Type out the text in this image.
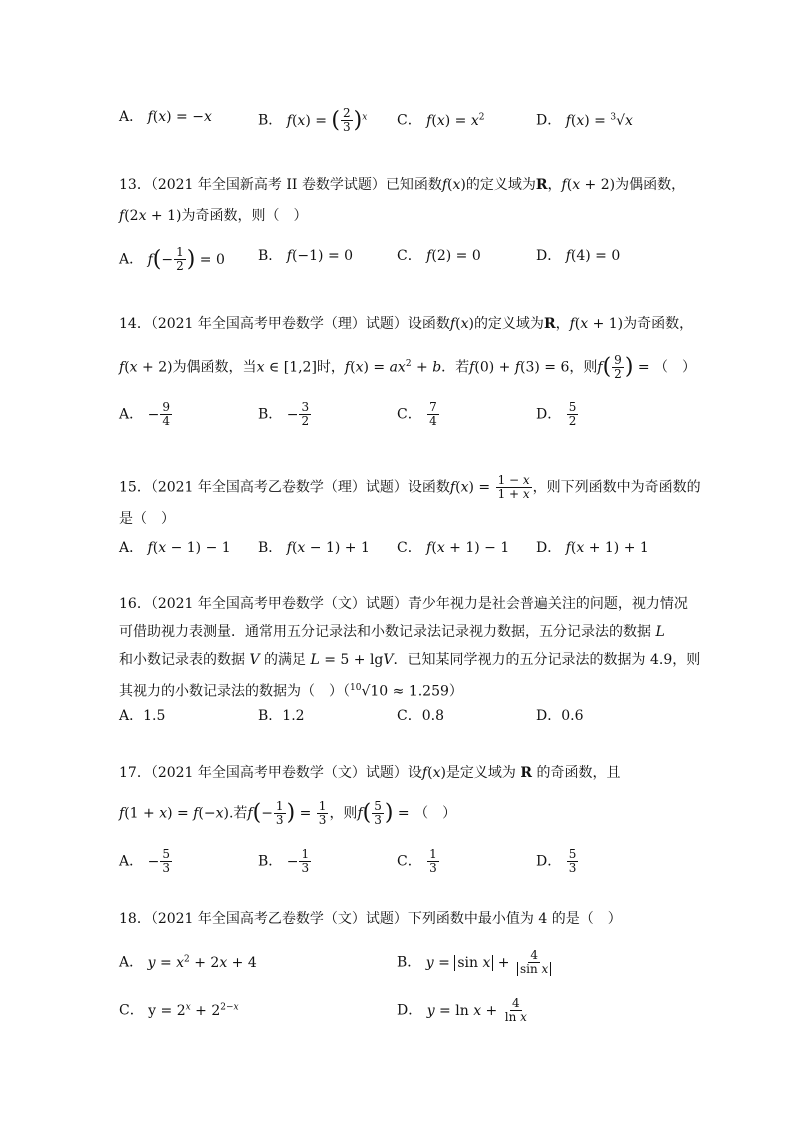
A． f(x) = −x	B． f(x) = ( $\frac{2}{3} )^x$ C． $f(x) = x^2$	D． f(x) = $^3$√x
13．（2021 年全国新高考 II 卷数学试题）已知函数f(x)的定义域为R，f(x + 2)为偶函数，
f(2x + 1)为奇函数，则（　）
A． $f(- \frac{1}{2}$ ) = 0 B． f(−1) = 0	C． f(2) = 0	D． f(4) = 0
14．（2021 年全国高考甲卷数学（理）试题）设函数f(x)的定义域为R，f(x + 1)为奇函数，
f(x + 2)为偶函数，当x ∈ [1,2]时，$f(x) = ax^2 + b$．若f(0) + f(3) = 6，则$f( \frac{9}{2}$ ) = （　）
A． − $\frac{9}{4}$	B． − $\frac{3}{2}$	C． $\frac{7}{4}$	D． $\frac{5}{2}$
15．（2021 年全国高考乙卷数学（理）试题）设函数$f(x) = \frac{1 - x}{1 + x}$ ，则下列函数中为奇函数的
是（　）
A． f(x − 1) − 1 B． f(x − 1) + 1 C． f(x + 1) − 1 D． f(x + 1) + 1
16．（2021 年全国高考甲卷数学（文）试题）青少年视力是社会普遍关注的问题，视力情况
可借助视力表测量．通常用五分记录法和小数记录法记录视力数据，五分记录法的数据 L
和小数记录表的数据 V 的满足 L = 5 + lgV．已知某同学视力的五分记录法的数据为 4.9，则
其视力的小数记录法的数据为（　）（$^{10}$√10 ≈ 1.259）
A．1.5	B．1.2	C．0.8	D．0.6
17．（2021 年全国高考甲卷数学（文）试题）设f(x)是定义域为 R 的奇函数，且
f(1 + x) = f(−x).若$f(- \frac{1}{3}$ ) = $\frac{1}{3}$ ，则$f( \frac{5}{3}$ ) = （　）
A． − $\frac{5}{3}$	B． − $\frac{1}{3}$	C． $\frac{1}{3}$	D． $\frac{5}{3}$
18．（2021 年全国高考乙卷数学（文）试题）下列函数中最小值为 4 的是（　）
A． $y = x^2 + 2x + 4$	B． $y = \sin x + \frac{4}{\text{sin x}}$
C． $y = 2^x + 2^{2-x}$	D． $y = \ln x + \frac{4}{\text{ln x}}$
